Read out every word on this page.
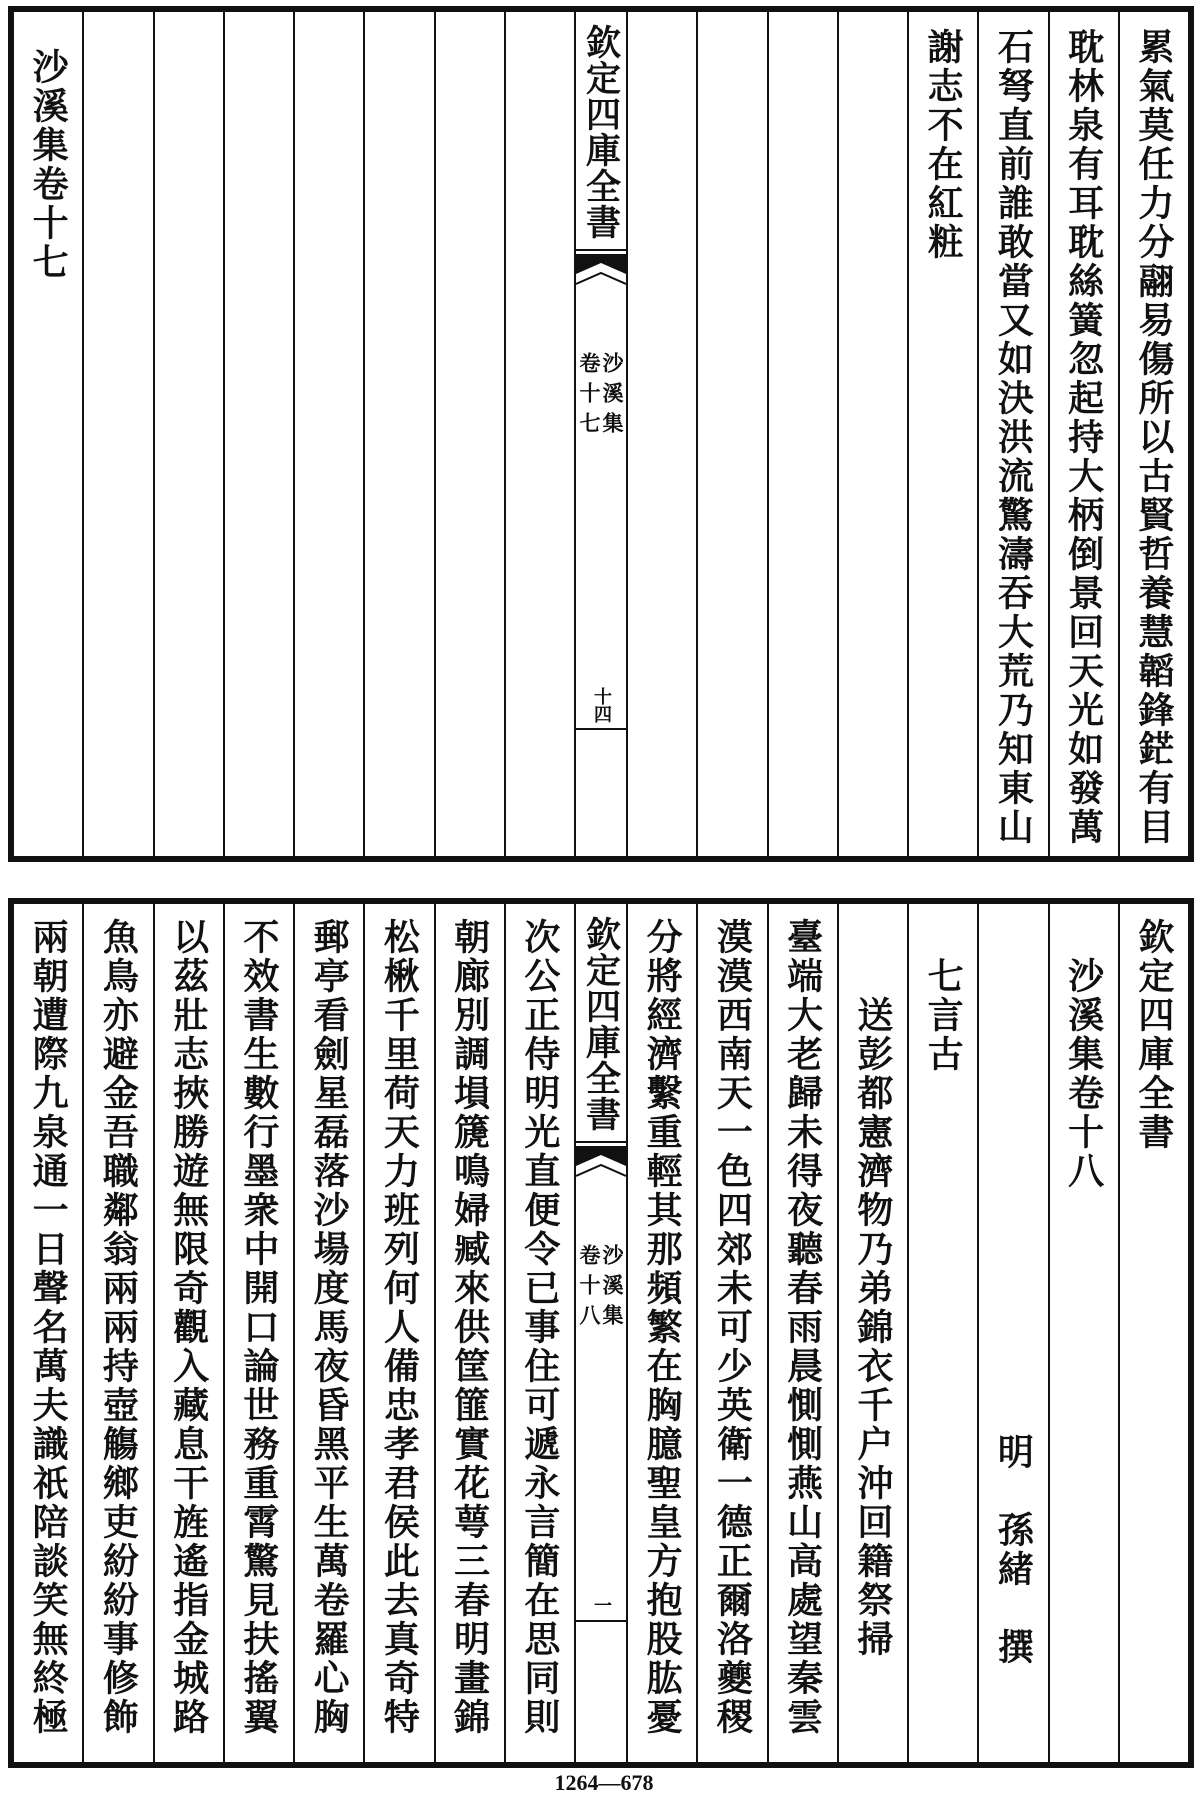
累氣莫任力分翮易傷所以古賢哲養慧韜鋒鋩有目
耽林泉有耳耽絲簧忽起持大柄倒景回天光如發萬
石弩直前誰敢當又如決洪流驚濤吞大荒乃知東山
謝志不在紅粧
欽定四庫全書
沙溪集
卷十七
十四
沙溪集卷十七
欽定四庫全書
沙溪集卷十八
明
孫緒
撰
七言古
送彭都憲濟物乃弟錦衣千户沖回籍祭掃
臺端大老歸未得夜聽春雨晨惻惻燕山高處望秦雲
漠漠西南天一色四郊未可少英衛一德正爾洛夔稷
分將經濟繫重輕其那頻繁在胸臆聖皇方抱股肱憂
欽定四庫全書
沙溪集
卷十八
一
次公正侍明光直便令已事住可遞永言簡在思同則
朝廊別調塤篪鳴婦臧來供筐篚實花萼三春明畫錦
松楸千里荷天力班列何人備忠孝君侯此去真奇特
郵亭看劍星磊落沙場度馬夜昏黑平生萬卷羅心胸
不效書生數行墨衆中開口論世務重霄驚見扶搖翼
以茲壯志挾勝遊無限奇觀入藏息干旌遙指金城路
魚鳥亦避金吾職鄰翁兩兩持壺觴鄉吏紛紛事修飾
兩朝遭際九泉通一日聲名萬夫識祇陪談笑無終極
1264—678
